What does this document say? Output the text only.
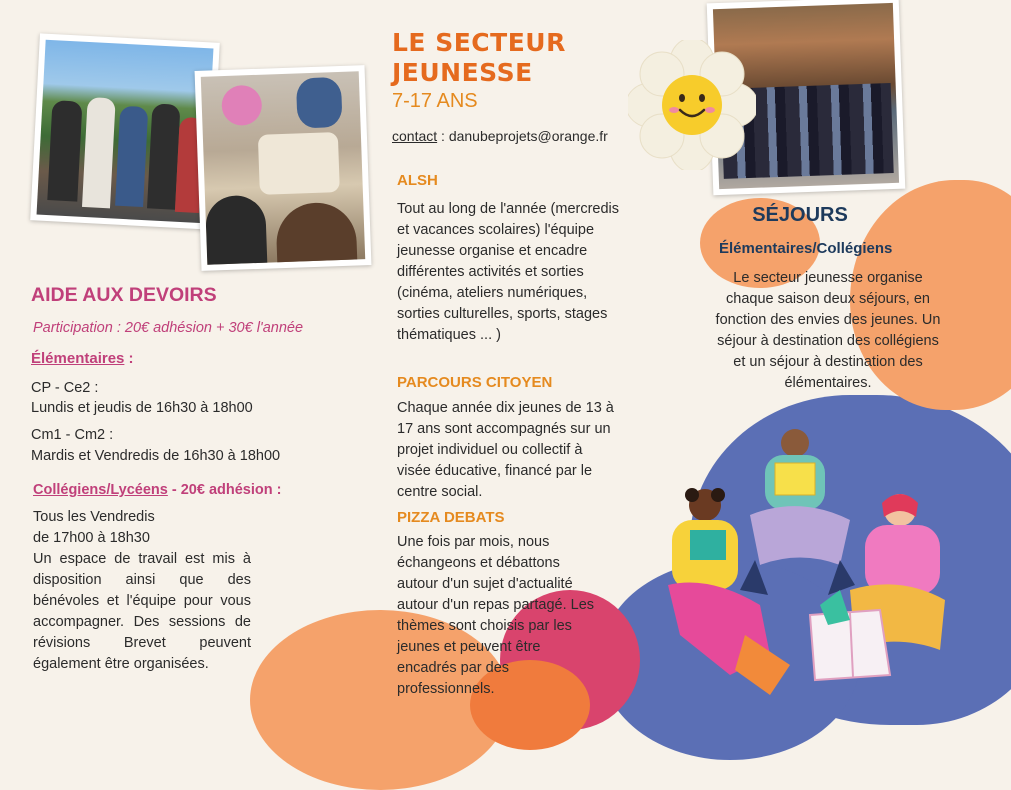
LE SECTEUR
JEUNESSE
7-17 ANS
contact : danubeprojets@orange.fr
AIDE AUX DEVOIRS
Participation : 20€ adhésion + 30€ l'année
Élémentaires :
CP - Ce2 :
Lundis et jeudis de 16h30 à 18h00
Cm1 - Cm2 :
Mardis et Vendredis de 16h30 à 18h00
Collégiens/Lycéens - 20€ adhésion :
Tous les Vendredis
de 17h00 à 18h30
Un espace de travail est mis à disposition ainsi que des bénévoles et l'équipe pour vous accompagner. Des sessions de révisions Brevet peuvent également être organisées.
ALSH
Tout au long de l'année (mercredis et vacances scolaires) l'équipe jeunesse organise et encadre différentes activités et sorties (cinéma, ateliers numériques, sorties culturelles, sports, stages thématiques ... )
PARCOURS CITOYEN
Chaque année dix jeunes de 13 à 17 ans sont accompagnés sur un projet individuel ou collectif à visée éducative, financé par le centre social.
PIZZA DEBATS
Une fois par mois, nous échangeons et débattons autour d'un sujet d'actualité autour d'un repas partagé. Les thèmes sont choisis par les jeunes et peuvent être encadrés par des professionnels.
SÉJOURS
Élémentaires/Collégiens
Le secteur jeunesse organise chaque saison deux séjours, en fonction des envies des jeunes. Un séjour à destination des collégiens et un séjour à destination des élémentaires.
